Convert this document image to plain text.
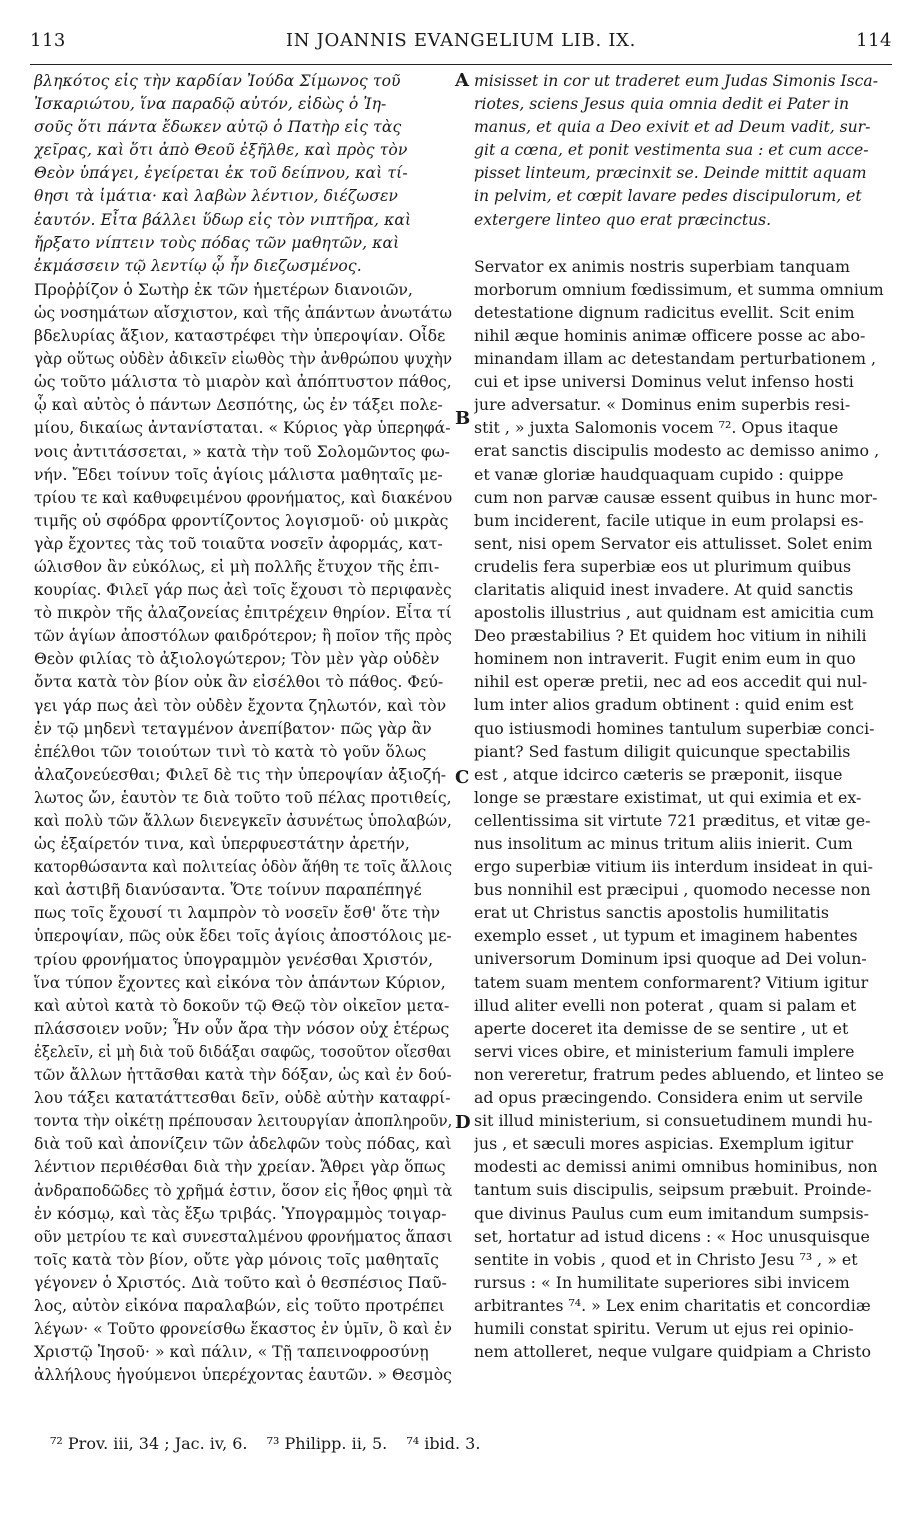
113	IN JOANNIS EVANGELIUM LIB. IX.	114
βληκότος εἰς τὴν καρδίαν Ἰούδα Σίμωνος τοῦ
Ἰσκαριώτου, ἵνα παραδῷ αὐτόν, εἰδὼς ὁ Ἰη-
σοῦς ὅτι πάντα ἔδωκεν αὐτῷ ὁ Πατὴρ εἰς τὰς
χεῖρας, καὶ ὅτι ἀπὸ Θεοῦ ἐξῆλθε, καὶ πρὸς τὸν
Θεὸν ὑπάγει, ἐγείρεται ἐκ τοῦ δείπνου, καὶ τί-
θησι τὰ ἱμάτια· καὶ λαβὼν λέντιον, διέζωσεν
ἑαυτόν. Εἶτα βάλλει ὕδωρ εἰς τὸν νιπτῆρα, καὶ
ἤρξατο νίπτειν τοὺς πόδας τῶν μαθητῶν, καὶ
ἐκμάσσειν τῷ λεντίῳ ᾧ ἦν διεζωσμένος.
Προῤῥίζον ὁ Σωτὴρ ἐκ τῶν ἡμετέρων διανοιῶν,
ὡς νοσημάτων αἴσχιστον, καὶ τῆς ἁπάντων ἀνωτάτω
βδελυρίας ἄξιον, καταστρέφει τὴν ὑπεροψίαν. Οἶδε
γὰρ οὕτως οὐδὲν ἀδικεῖν εἰωθὸς τὴν ἀνθρώπου ψυχὴν
ὡς τοῦτο μάλιστα τὸ μιαρὸν καὶ ἀπόπτυστον πάθος,
ᾧ καὶ αὐτὸς ὁ πάντων Δεσπότης, ὡς ἐν τάξει πολε-
μίου, δικαίως ἀντανίσταται. « Κύριος γὰρ ὑπερηφά-
νοις ἀντιτάσσεται, » κατὰ τὴν τοῦ Σολομῶντος φω-
νήν. Ἔδει τοίνυν τοῖς ἁγίοις μάλιστα μαθηταῖς με-
τρίου τε καὶ καθυφειμένου φρονήματος, καὶ διακένου
τιμῆς οὐ σφόδρα φροντίζοντος λογισμοῦ· οὐ μικρὰς
γὰρ ἔχοντες τὰς τοῦ τοιαῦτα νοσεῖν ἀφορμάς, κατ-
ώλισθον ἂν εὐκόλως, εἰ μὴ πολλῆς ἔτυχον τῆς ἐπι-
κουρίας. Φιλεῖ γάρ πως ἀεὶ τοῖς ἔχουσι τὸ περιφανὲς
τὸ πικρὸν τῆς ἀλαζονείας ἐπιτρέχειν θηρίον. Εἶτα τί
τῶν ἁγίων ἀποστόλων φαιδρότερον; ἢ ποῖον τῆς πρὸς
Θεὸν φιλίας τὸ ἀξιολογώτερον; Τὸν μὲν γὰρ οὐδὲν
ὄντα κατὰ τὸν βίον οὐκ ἂν εἰσέλθοι τὸ πάθος. Φεύ-
γει γάρ πως ἀεὶ τὸν οὐδὲν ἔχοντα ζηλωτόν, καὶ τὸν
ἐν τῷ μηδενὶ τεταγμένον ἀνεπίβατον· πῶς γὰρ ἂν
ἐπέλθοι τῶν τοιούτων τινὶ τὸ κατὰ τὸ γοῦν ὅλως
ἀλαζονεύεσθαι; Φιλεῖ δὲ τις τὴν ὑπεροψίαν ἀξιοζή-
λωτος ὤν, ἑαυτὸν τε διὰ τοῦτο τοῦ πέλας προτιθείς,
καὶ πολὺ τῶν ἄλλων διενεγκεῖν ἀσυνέτως ὑπολαβών,
ὡς ἐξαίρετόν τινα, καὶ ὑπερφυεστάτην ἀρετήν,
κατορθώσαντα καὶ πολιτείας ὁδὸν ἄήθη τε τοῖς ἄλλοις
καὶ ἀστιβῆ διανύσαντα. Ὅτε τοίνυν παραπέπηγέ
πως τοῖς ἔχουσί τι λαμπρὸν τὸ νοσεῖν ἔσθ' ὅτε τὴν
ὑπεροψίαν, πῶς οὐκ ἔδει τοῖς ἁγίοις ἀποστόλοις με-
τρίου φρονήματος ὑπογραμμὸν γενέσθαι Χριστόν,
ἵνα τύπον ἔχοντες καὶ εἰκόνα τὸν ἁπάντων Κύριον,
καὶ αὐτοὶ κατὰ τὸ δοκοῦν τῷ Θεῷ τὸν οἰκεῖον μετα-
πλάσσοιεν νοῦν; Ἦν οὖν ἄρα τὴν νόσον οὐχ ἑτέρως
ἐξελεῖν, εἰ μὴ διὰ τοῦ διδάξαι σαφῶς, τοσοῦτον οἴεσθαι
τῶν ἄλλων ἡττᾶσθαι κατὰ τὴν δόξαν, ὡς καὶ ἐν δού-
λου τάξει κατατάττεσθαι δεῖν, οὐδὲ αὐτὴν καταφρί-
τοντα τὴν οἰκέτῃ πρέπουσαν λειτουργίαν ἀποπληροῦν,
διὰ τοῦ καὶ ἀπονίζειν τῶν ἀδελφῶν τοὺς πόδας, καὶ
λέντιον περιθέσθαι διὰ τὴν χρείαν. Ἄθρει γὰρ ὅπως
ἀνδραποδῶδες τὸ χρῆμά ἐστιν, ὅσον εἰς ἦθος φημὶ τὰ
ἐν κόσμῳ, καὶ τὰς ἔξω τριβάς. Ὑπογραμμὸς τοιγαρ-
οῦν μετρίου τε καὶ συνεσταλμένου φρονήματος ἅπασι
τοῖς κατὰ τὸν βίον, οὔτε γὰρ μόνοις τοῖς μαθηταῖς
γέγονεν ὁ Χριστός. Διὰ τοῦτο καὶ ὁ θεσπέσιος Παῦ-
λος, αὐτὸν εἰκόνα παραλαβών, εἰς τοῦτο προτρέπει
λέγων· « Τοῦτο φρονείσθω ἕκαστος ἐν ὑμῖν, ὃ καὶ ἐν
Χριστῷ Ἰησοῦ· » καὶ πάλιν, « Τῇ ταπεινοφροσύνῃ
ἀλλήλους ἡγούμενοι ὑπερέχοντας ἑαυτῶν. » Θεσμὸς
misisset in cor ut traderet eum Judas Simonis Isca-
riotes, sciens Jesus quia omnia dedit ei Pater in
manus, et quia a Deo exivit et ad Deum vadit, sur-
git a cœna, et ponit vestimenta sua : et cum acce-
pisset linteum, præcinxit se. Deinde mittit aquam
in pelvim, et cœpit lavare pedes discipulorum, et
extergere linteo quo erat præcinctus.
Servator ex animis nostris superbiam tanquam
morborum omnium fœdissimum, et summa omnium
detestatione dignum radicitus evellit. Scit enim
nihil æque hominis animæ officere posse ac abo-
minandam illam ac detestandam perturbationem ,
cui et ipse universi Dominus velut infenso hosti
jure adversatur. « Dominus enim superbis resi-
stit , » juxta Salomonis vocem ⁷². Opus itaque
erat sanctis discipulis modesto ac demisso animo ,
et vanæ gloriæ haudquaquam cupido : quippe
cum non parvæ causæ essent quibus in hunc mor-
bum inciderent, facile utique in eum prolapsi es-
sent, nisi opem Servator eis attulisset. Solet enim
crudelis fera superbiæ eos ut plurimum quibus
claritatis aliquid inest invadere. At quid sanctis
apostolis illustrius , aut quidnam est amicitia cum
Deo præstabilius ? Et quidem hoc vitium in nihili
hominem non intraverit. Fugit enim eum in quo
nihil est operæ pretii, nec ad eos accedit qui nul-
lum inter alios gradum obtinent : quid enim est
quo istiusmodi homines tantulum superbiæ conci-
piant? Sed fastum diligit quicunque spectabilis
est , atque idcirco cæteris se præponit, iisque
longe se præstare existimat, ut qui eximia et ex-
cellentissima sit virtute 721 præditus, et vitæ ge-
nus insolitum ac minus tritum aliis inierit. Cum
ergo superbiæ vitium iis interdum insideat in qui-
bus nonnihil est præcipui , quomodo necesse non
erat ut Christus sanctis apostolis humilitatis
exemplo esset , ut typum et imaginem habentes
universorum Dominum ipsi quoque ad Dei volun-
tatem suam mentem conformarent? Vitium igitur
illud aliter evelli non poterat , quam si palam et
aperte doceret ita demisse de se sentire , ut et
servi vices obire, et ministerium famuli implere
non vereretur, fratrum pedes abluendo, et linteo se
ad opus præcingendo. Considera enim ut servile
sit illud ministerium, si consuetudinem mundi hu-
jus , et sæculi mores aspicias. Exemplum igitur
modesti ac demissi animi omnibus hominibus, non
tantum suis discipulis, seipsum præbuit. Proinde-
que divinus Paulus cum eum imitandum sumpsis-
set, hortatur ad istud dicens : « Hoc unusquisque
sentite in vobis , quod et in Christo Jesu ⁷³ , » et
rursus : « In humilitate superiores sibi invicem
arbitrantes ⁷⁴. » Lex enim charitatis et concordiæ
humili constat spiritu. Verum ut ejus rei opinio-
nem attolleret, neque vulgare quidpiam a Christo
A
B
C
D
⁷² Prov. iii, 34 ; Jac. iv, 6. ⁷³ Philipp. ii, 5. ⁷⁴ ibid. 3.
